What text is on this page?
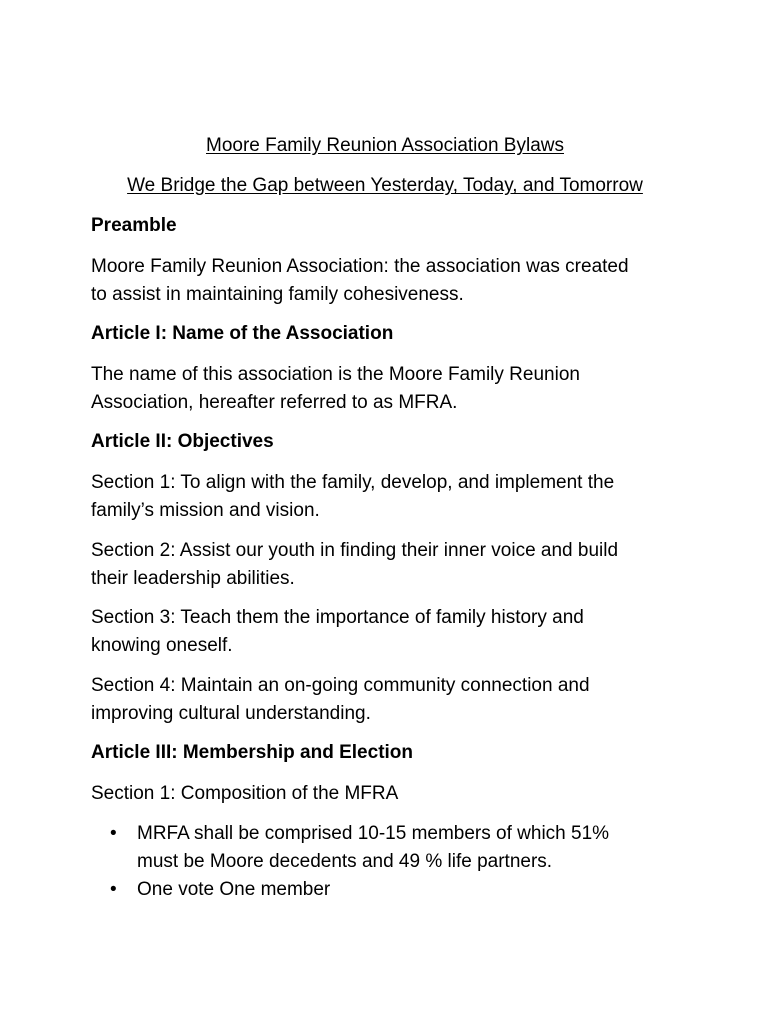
Moore Family Reunion Association Bylaws

We Bridge the Gap between Yesterday, Today, and Tomorrow

Preamble

Moore Family Reunion Association: the association was created

to assist in maintaining family cohesiveness.

Article I: Name of the Association

The name of this association is the Moore Family Reunion

Association, hereafter referred to as MFRA.

Article II: Objectives

Section 1: To align with the family, develop, and implement the

family’s mission and vision.

Section 2: Assist our youth in finding their inner voice and build

their leadership abilities.

Section 3: Teach them the importance of family history and

knowing oneself.

Section 4: Maintain an on-going community connection and

improving cultural understanding.

Article III: Membership and Election

Section 1: Composition of the MFRA

•	MRFA shall be comprised 10-15 members of which 51%
must be Moore decedents and 49 % life partners.
•	One vote One member
